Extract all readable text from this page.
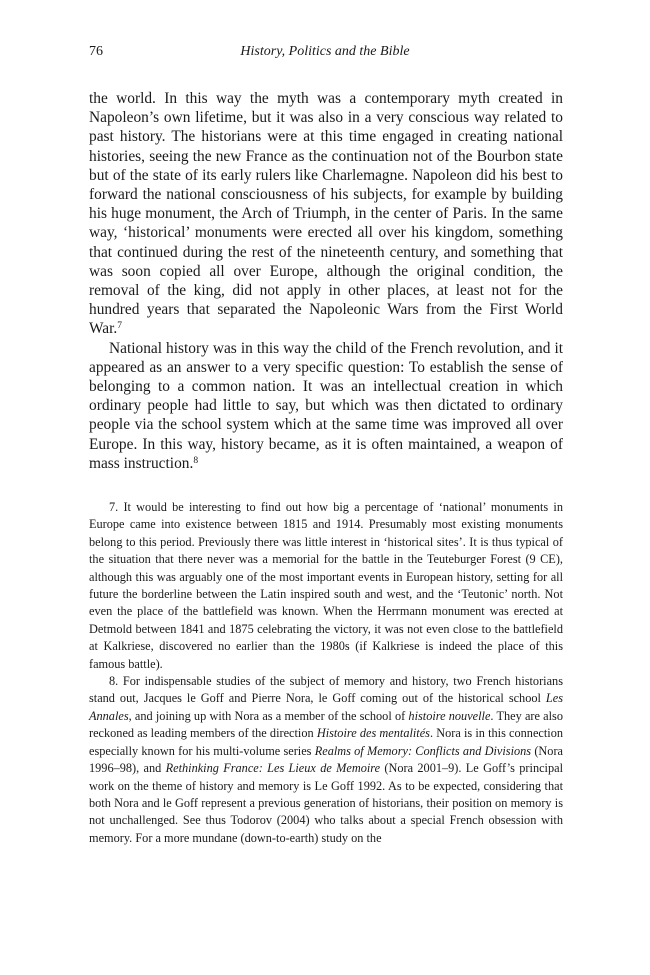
76	History, Politics and the Bible

the world. In this way the myth was a contemporary myth created in Napoleon’s own lifetime, but it was also in a very conscious way related to past history. The historians were at this time engaged in creating national histories, seeing the new France as the continuation not of the Bourbon state but of the state of its early rulers like Charlemagne. Napoleon did his best to forward the national consciousness of his subjects, for example by building his huge monument, the Arch of Triumph, in the center of Paris. In the same way, ‘historical’ monuments were erected all over his kingdom, something that continued during the rest of the nineteenth century, and something that was soon copied all over Europe, although the original condition, the removal of the king, did not apply in other places, at least not for the hundred years that separated the Napoleonic Wars from the First World War.$^7$

National history was in this way the child of the French revolution, and it appeared as an answer to a very specific question: To establish the sense of belonging to a common nation. It was an intellectual creation in which ordinary people had little to say, but which was then dictated to ordinary people via the school system which at the same time was improved all over Europe. In this way, history became, as it is often maintained, a weapon of mass instruction.$^8$

7. It would be interesting to find out how big a percentage of ‘national’ monuments in Europe came into existence between 1815 and 1914. Presumably most existing monuments belong to this period. Previously there was little interest in ‘historical sites’. It is thus typical of the situation that there never was a memorial for the battle in the Teuteburger Forest (9 CE), although this was arguably one of the most important events in European history, setting for all future the borderline between the Latin inspired south and west, and the ‘Teutonic’ north. Not even the place of the battlefield was known. When the Herrmann monument was erected at Detmold between 1841 and 1875 celebrating the victory, it was not even close to the battlefield at Kalkriese, discovered no earlier than the 1980s (if Kalkriese is indeed the place of this famous battle).

8. For indispensable studies of the subject of memory and history, two French historians stand out, Jacques le Goff and Pierre Nora, le Goff coming out of the historical school Les Annales, and joining up with Nora as a member of the school of histoire nouvelle. They are also reckoned as leading members of the direction Histoire des mentalités. Nora is in this connection especially known for his multi-volume series Realms of Memory: Conflicts and Divisions (Nora 1996–98), and Rethinking France: Les Lieux de Memoire (Nora 2001–9). Le Goff’s principal work on the theme of history and memory is Le Goff 1992. As to be expected, considering that both Nora and le Goff represent a previous generation of historians, their position on memory is not unchallenged. See thus Todorov (2004) who talks about a special French obsession with memory. For a more mundane (down-to-earth) study on the
